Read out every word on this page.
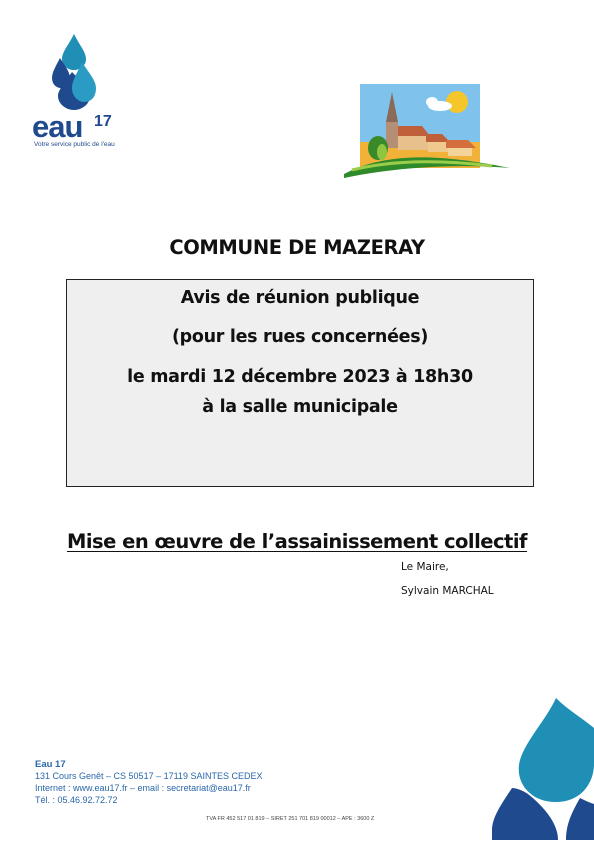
eau 17
Votre service public de l'eau
COMMUNE DE MAZERAY
Avis de réunion publique
(pour les rues concernées)
le mardi 12 décembre 2023 à 18h30
à la salle municipale
Mise en œuvre de l’assainissement collectif
Le Maire,
Sylvain MARCHAL
Eau 17
131 Cours Genêt – CS 50517 – 17119 SAINTES CEDEX
Internet : www.eau17.fr – email : secretariat@eau17.fr
Tél. : 05.46.92.72.72
TVA FR 452 517 01 819 – SIRET 251 701 819 00012 – APE : 3600 Z
